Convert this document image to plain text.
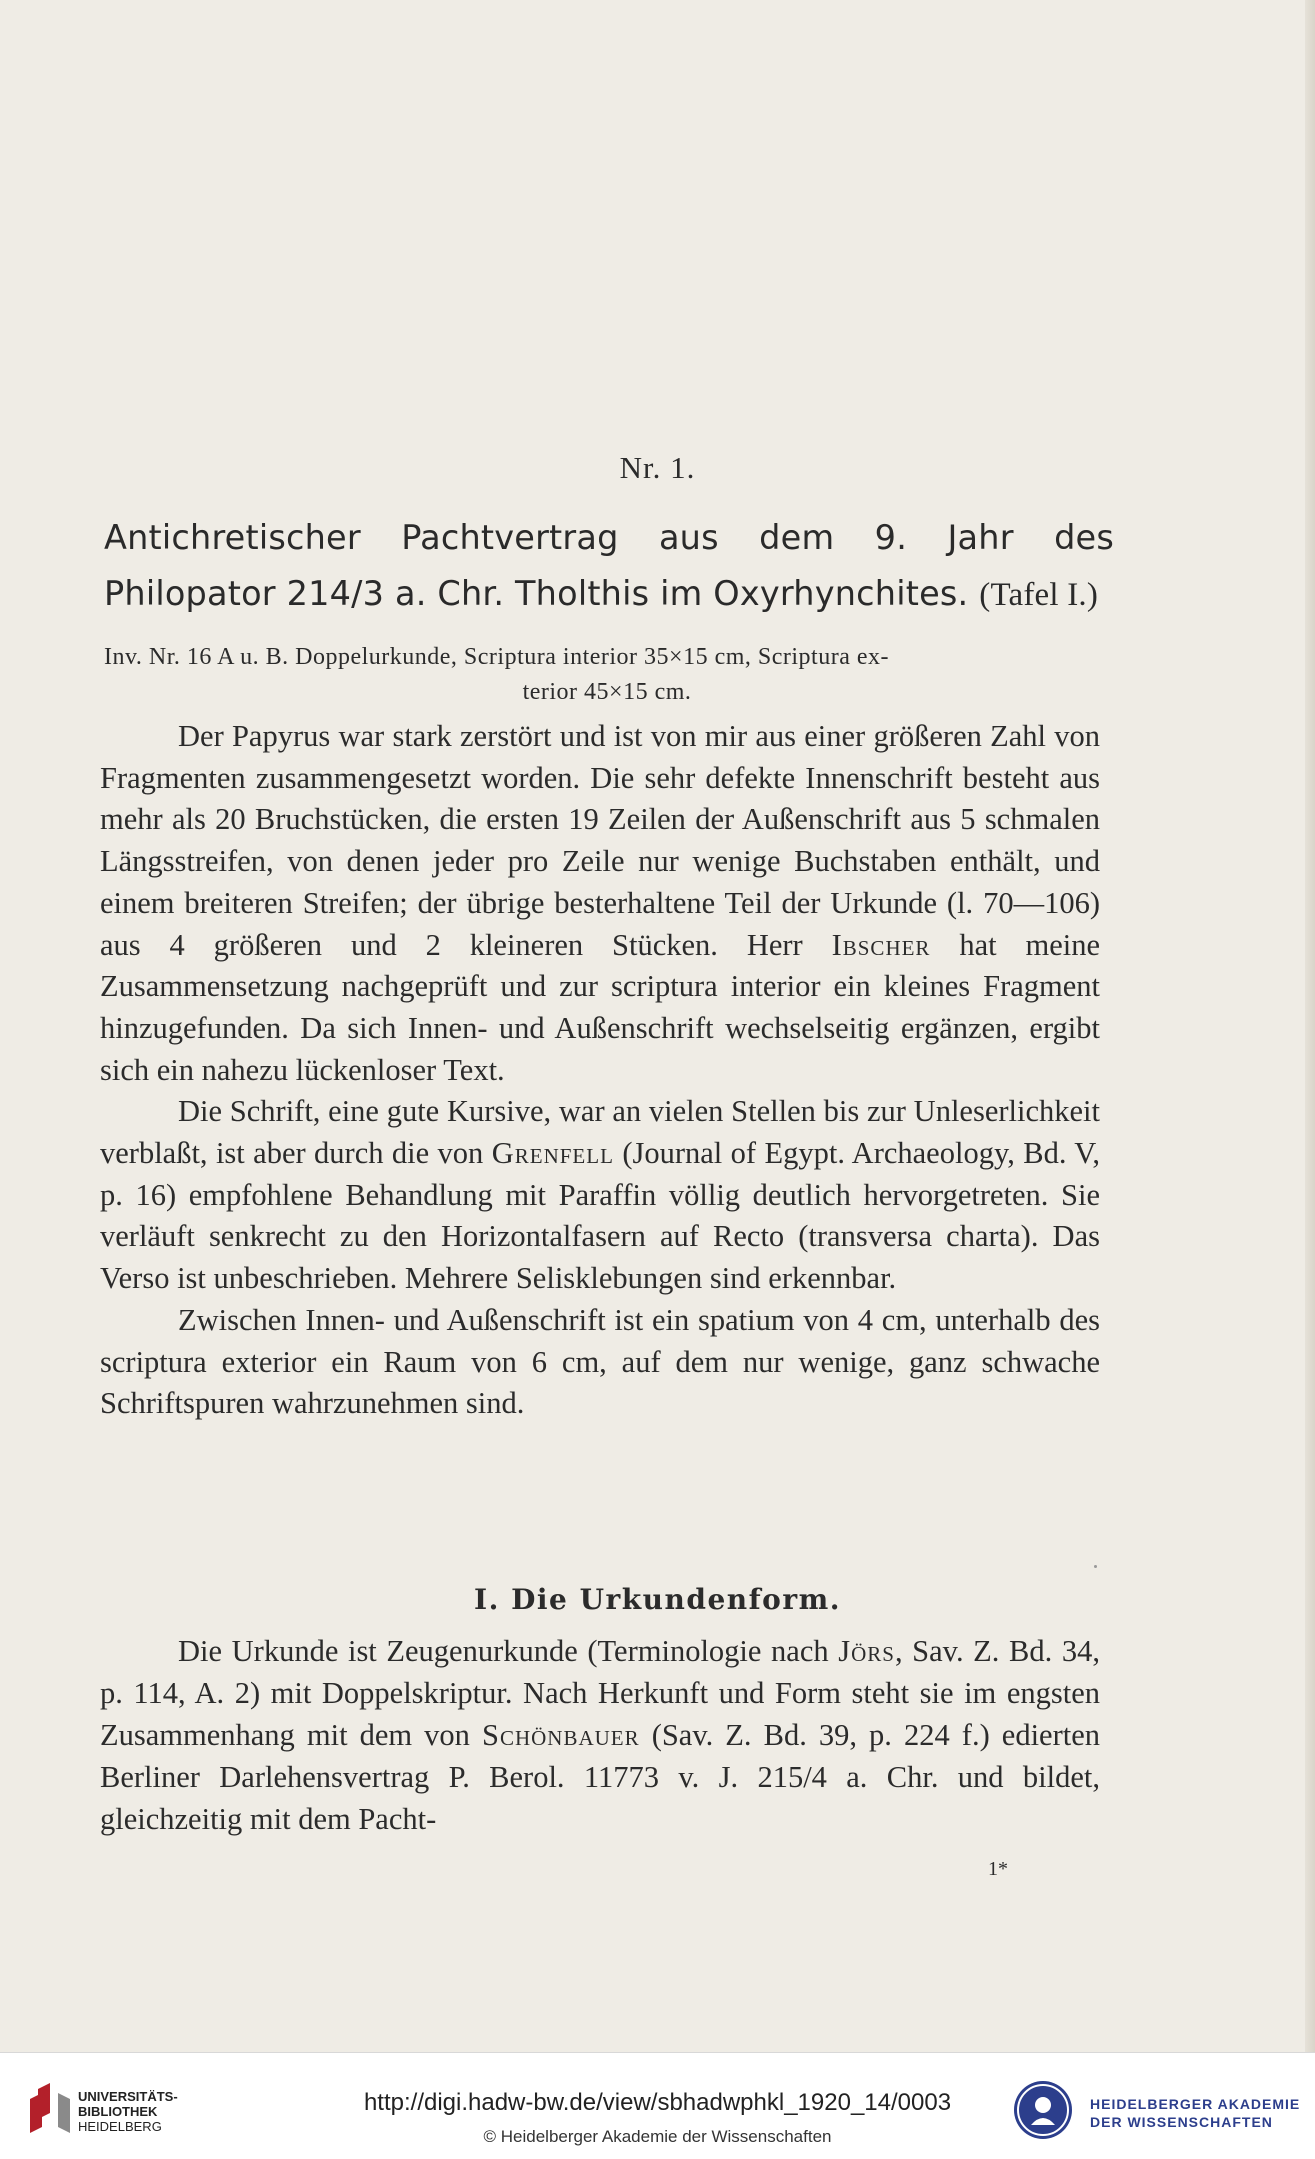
Nr. 1.
Antichretischer Pachtvertrag aus dem 9. Jahr des Philopator 214/3 a. Chr. Tholthis im Oxyrhynchites. (Tafel I.)
Inv. Nr. 16 A u. B. Doppelurkunde, Scriptura interior 35×15 cm, Scriptura ex-
terior 45×15 cm.

Der Papyrus war stark zerstört und ist von mir aus einer größeren Zahl von Fragmenten zusammengesetzt worden. Die sehr defekte Innenschrift besteht aus mehr als 20 Bruchstücken, die ersten 19 Zeilen der Außenschrift aus 5 schmalen Längsstreifen, von denen jeder pro Zeile nur wenige Buchstaben enthält, und einem breiteren Streifen; der übrige besterhaltene Teil der Urkunde (l. 70—106) aus 4 größeren und 2 kleineren Stücken. Herr Ibscher hat meine Zusammensetzung nachgeprüft und zur scriptura interior ein kleines Fragment hinzugefunden. Da sich Innen- und Außenschrift wechselseitig ergänzen, ergibt sich ein nahezu lückenloser Text.

Die Schrift, eine gute Kursive, war an vielen Stellen bis zur Unleserlichkeit verblaßt, ist aber durch die von Grenfell (Journal of Egypt. Archaeology, Bd. V, p. 16) empfohlene Behandlung mit Paraffin völlig deutlich hervorgetreten. Sie verläuft senkrecht zu den Horizontalfasern auf Recto (transversa charta). Das Verso ist unbeschrieben. Mehrere Selisklebungen sind erkennbar.

Zwischen Innen- und Außenschrift ist ein spatium von 4 cm, unterhalb des scriptura exterior ein Raum von 6 cm, auf dem nur wenige, ganz schwache Schriftspuren wahrzunehmen sind.

I. Die Urkundenform.

Die Urkunde ist Zeugenurkunde (Terminologie nach Jörs, Sav. Z. Bd. 34, p. 114, A. 2) mit Doppelskriptur. Nach Herkunft und Form steht sie im engsten Zusammenhang mit dem von Schönbauer (Sav. Z. Bd. 39, p. 224 f.) edierten Berliner Darlehensvertrag P. Berol. 11773 v. J. 215/4 a. Chr. und bildet, gleichzeitig mit dem Pacht-

1*
UNIVERSITÄTS-
BIBLIOTHEK
HEIDELBERG
http://digi.hadw-bw.de/view/sbhadwphkl_1920_14/0003
© Heidelberger Akademie der Wissenschaften
HEIDELBERGER AKADEMIE
DER WISSENSCHAFTEN
